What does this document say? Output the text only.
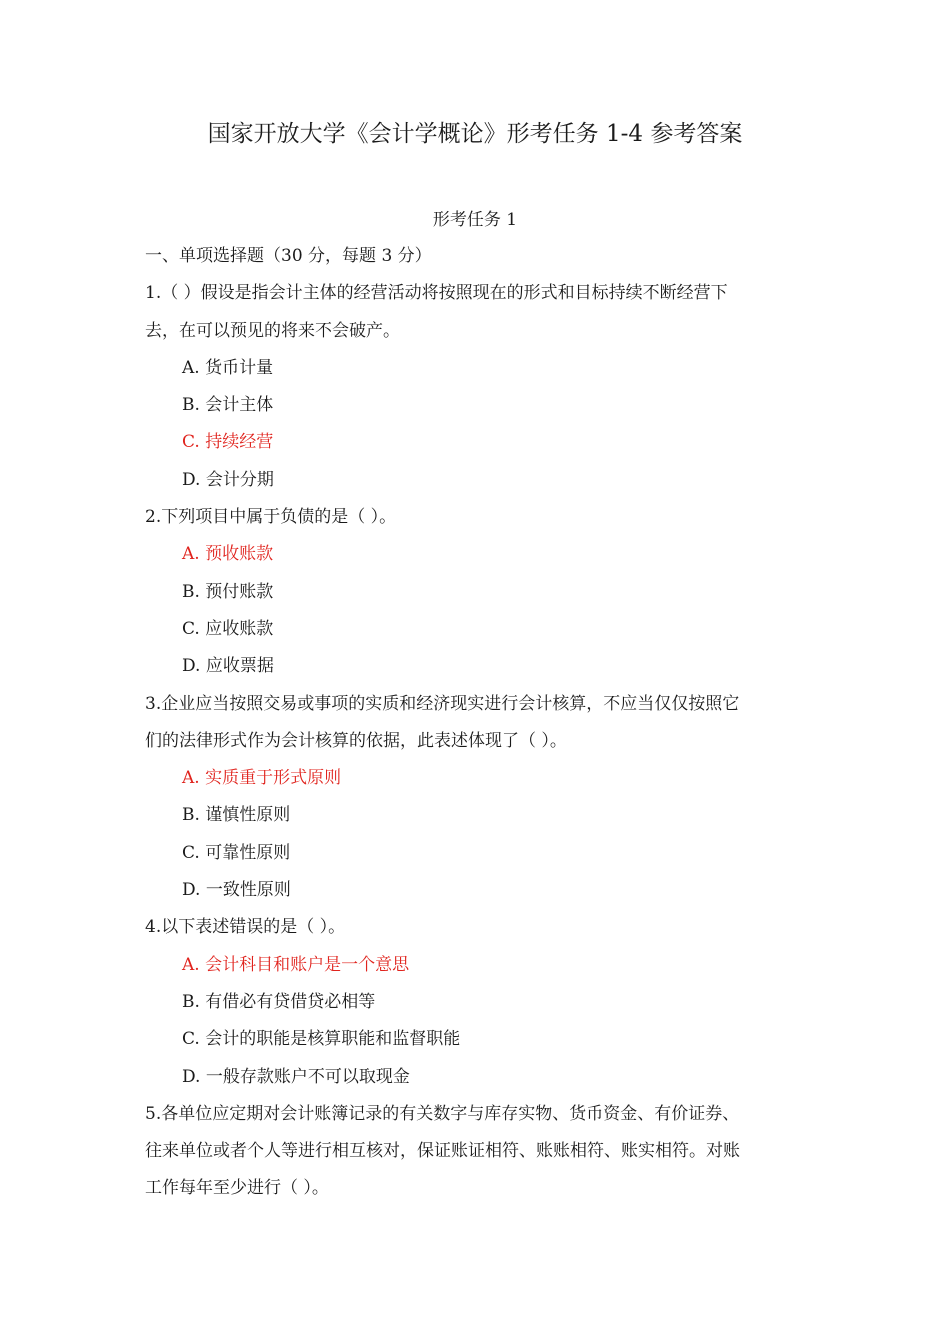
国家开放大学《会计学概论》形考任务 1-4 参考答案
形考任务 1
一、单项选择题（30 分，每题 3 分）
1.（ ）假设是指会计主体的经营活动将按照现在的形式和目标持续不断经营下
去，在可以预见的将来不会破产。
A. 货币计量
B. 会计主体
C. 持续经营
D. 会计分期
2.下列项目中属于负债的是（ ）。
A. 预收账款
B. 预付账款
C. 应收账款
D. 应收票据
3.企业应当按照交易或事项的实质和经济现实进行会计核算，不应当仅仅按照它
们的法律形式作为会计核算的依据，此表述体现了（ ）。
A. 实质重于形式原则
B. 谨慎性原则
C. 可靠性原则
D. 一致性原则
4.以下表述错误的是（ ）。
A. 会计科目和账户是一个意思
B. 有借必有贷借贷必相等
C. 会计的职能是核算职能和监督职能
D. 一般存款账户不可以取现金
5.各单位应定期对会计账簿记录的有关数字与库存实物、货币资金、有价证券、
往来单位或者个人等进行相互核对，保证账证相符、账账相符、账实相符。对账
工作每年至少进行（ ）。
